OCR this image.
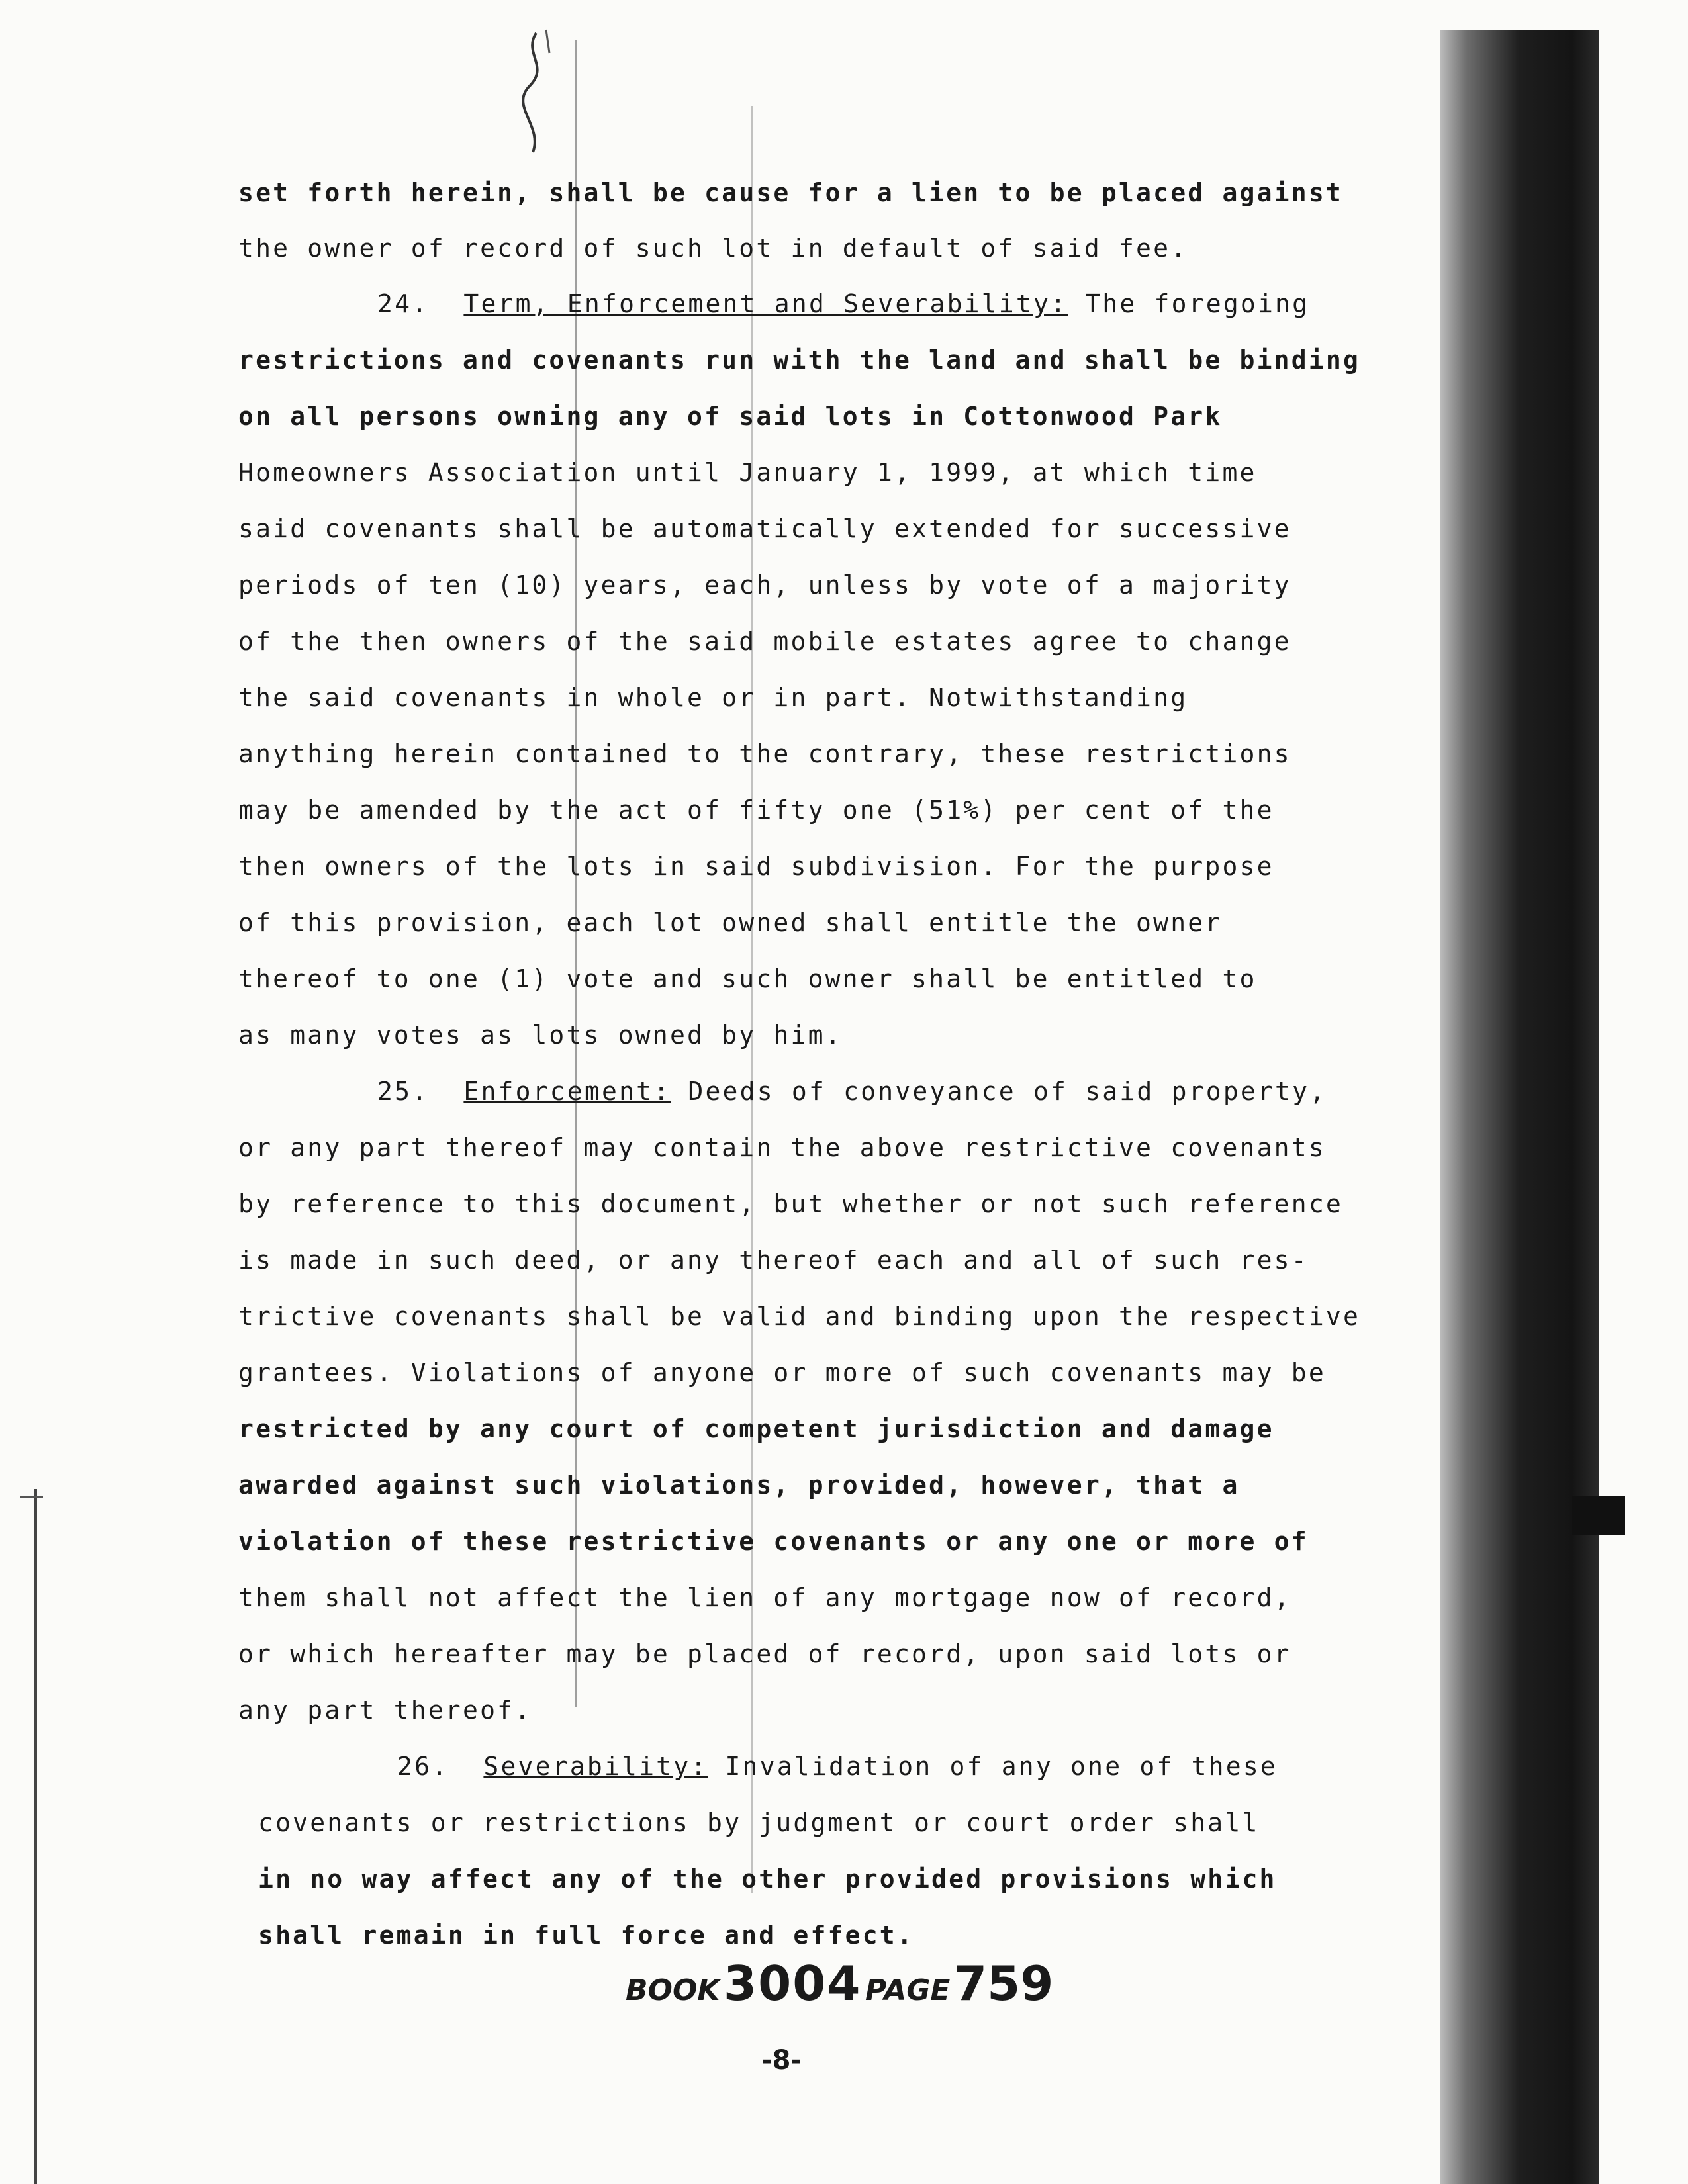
set forth herein, shall be cause for a lien to be placed against
the owner of record of such lot in default of said fee.
24. Term, Enforcement and Severability: The foregoing
restrictions and covenants run with the land and shall be binding
on all persons owning any of said lots in Cottonwood Park
Homeowners Association until January 1, 1999, at which time
said covenants shall be automatically extended for successive
periods of ten (10) years, each, unless by vote of a majority
of the then owners of the said mobile estates agree to change
the said covenants in whole or in part. Notwithstanding
anything herein contained to the contrary, these restrictions
may be amended by the act of fifty one (51%) per cent of the
then owners of the lots in said subdivision. For the purpose
of this provision, each lot owned shall entitle the owner
thereof to one (1) vote and such owner shall be entitled to
as many votes as lots owned by him.
25. Enforcement: Deeds of conveyance of said property,
or any part thereof may contain the above restrictive covenants
by reference to this document, but whether or not such reference
is made in such deed, or any thereof each and all of such res-
trictive covenants shall be valid and binding upon the respective
grantees. Violations of anyone or more of such covenants may be
restricted by any court of competent jurisdiction and damage
awarded against such violations, provided, however, that a
violation of these restrictive covenants or any one or more of
them shall not affect the lien of any mortgage now of record,
or which hereafter may be placed of record, upon said lots or
any part thereof.
26. Severability: Invalidation of any one of these
covenants or restrictions by judgment or court order shall
in no way affect any of the other provided provisions which
shall remain in full force and effect.
BOOK 3004 PAGE 759
-8-
